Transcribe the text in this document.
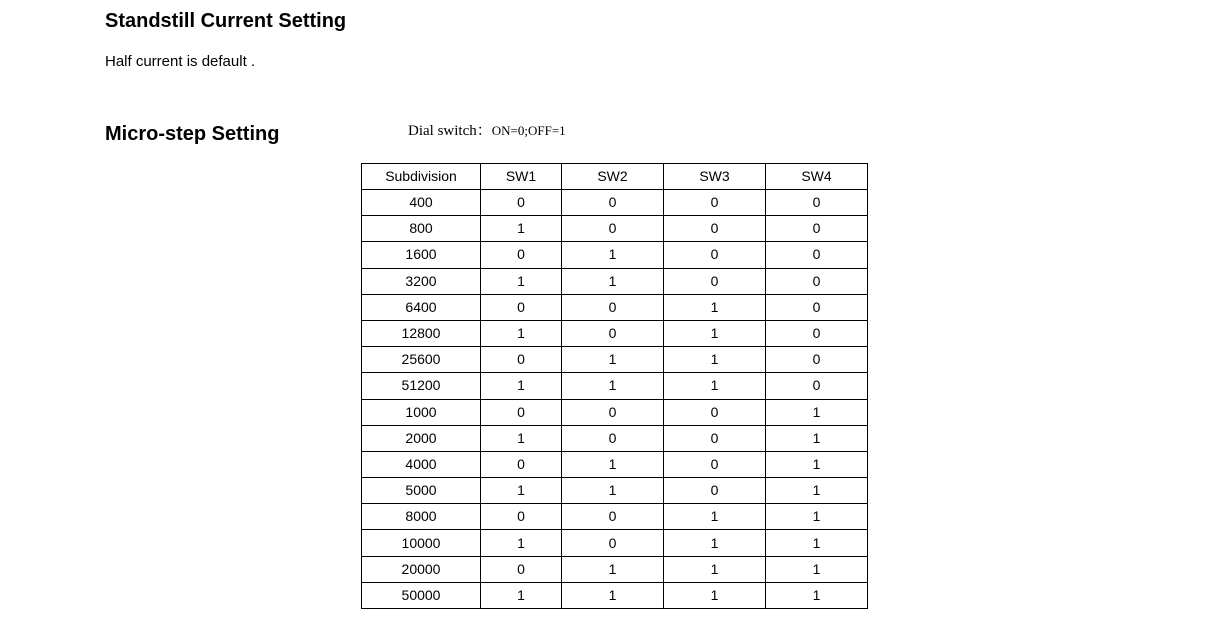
Standstill Current Setting

Half current is default .

Micro-step Setting	Dial switch：ON=0;OFF=1
Subdivision	SW1	SW2	SW3	SW4
400	0	0	0	0
800	1	0	0	0
1600	0	1	0	0
3200	1	1	0	0
6400	0	0	1	0
12800	1	0	1	0
25600	0	1	1	0
51200	1	1	1	0
1000	0	0	0	1
2000	1	0	0	1
4000	0	1	0	1
5000	1	1	0	1
8000	0	0	1	1
10000	1	0	1	1
20000	0	1	1	1
50000	1	1	1	1
